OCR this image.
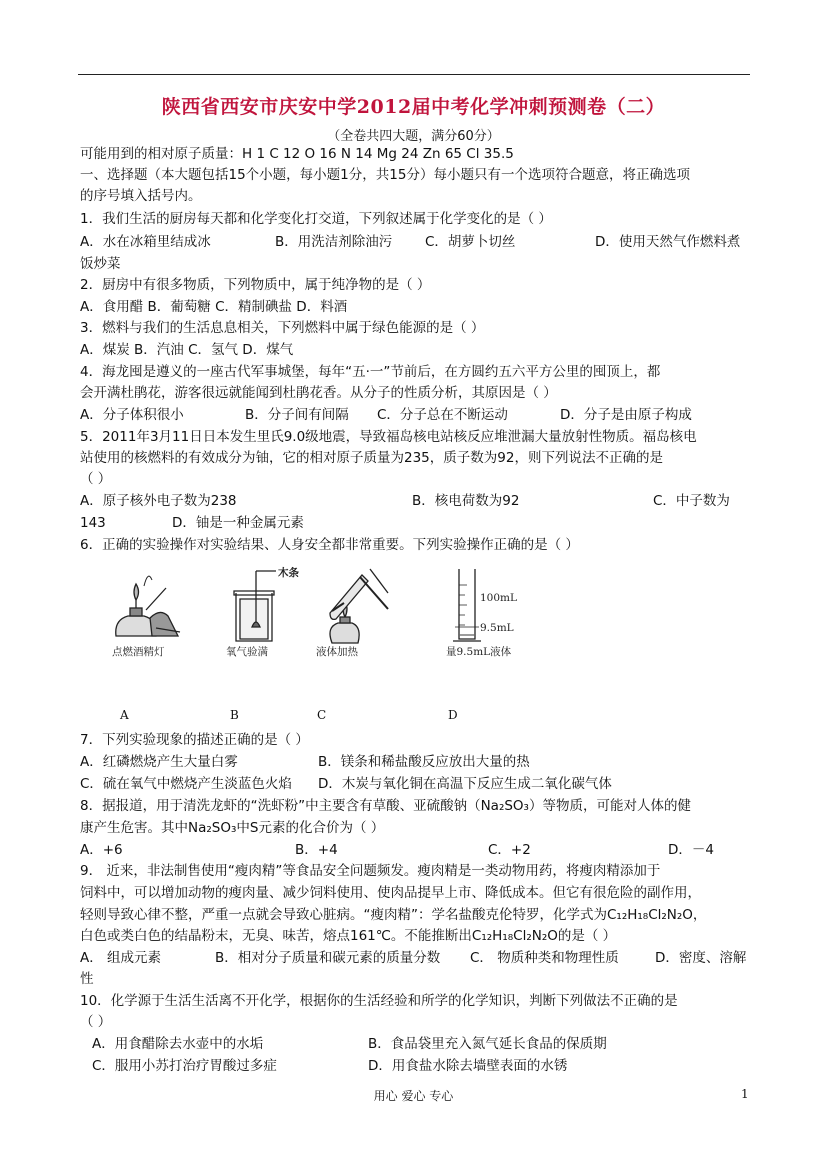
陕西省西安市庆安中学2012届中考化学冲刺预测卷（二）
（全卷共四大题，满分60分）
可能用到的相对原子质量：H 1 C 12 O 16 N 14 Mg 24 Zn 65 Cl 35.5
一、选择题（本大题包括15个小题，每小题1分，共15分）每小题只有一个选项符合题意，将正确选项
的序号填入括号内。
1．我们生活的厨房每天都和化学变化打交道，下列叙述属于化学变化的是（ ）
A．水在冰箱里结成冰	B．用洗洁剂除油污 C．胡萝卜切丝	D．使用天然气作燃料煮
饭炒菜
2．厨房中有很多物质，下列物质中，属于纯净物的是（ ）
A．食用醋 B．葡萄糖 C．精制碘盐 D．料酒
3．燃料与我们的生活息息相关，下列燃料中属于绿色能源的是（ ）
A．煤炭 B．汽油 C．氢气 D．煤气
4．海龙囤是遵义的一座古代军事城堡，每年“五·一”节前后，在方圆约五六平方公里的囤顶上，都
会开满杜鹃花，游客很远就能闻到杜鹃花香。从分子的性质分析，其原因是（ ）
A．分子体积很小	B．分子间有间隔 C．分子总在不断运动	D．分子是由原子构成
5．2011年3月11日日本发生里氏9.0级地震，导致福岛核电站核反应堆泄漏大量放射性物质。福岛核电
站使用的核燃料的有效成分为铀，它的相对原子质量为235，质子数为92，则下列说法不正确的是
（ ）
A．原子核外电子数为238	B．核电荷数为92	C．中子数为
143	D．铀是一种金属元素
6．正确的实验操作对实验结果、人身安全都非常重要。下列实验操作正确的是（ ）
点燃酒精灯
木条
氧气验满	液体加热
100mL
9.5mL
量9.5mL液体
A	B	C	D
7．下列实验现象的描述正确的是（ ）
A．红磷燃烧产生大量白雾	B．镁条和稀盐酸反应放出大量的热
C．硫在氧气中燃烧产生淡蓝色火焰 D．木炭与氧化铜在高温下反应生成二氧化碳气体
8．据报道，用于清洗龙虾的“洗虾粉”中主要含有草酸、亚硫酸钠（Na₂SO₃）等物质，可能对人体的健
康产生危害。其中Na₂SO₃中S元素的化合价为（ ）
A．+6	B．+4	C．+2	D．－4
9． 近来，非法制售使用“瘦肉精”等食品安全问题频发。瘦肉精是一类动物用药，将瘦肉精添加于
饲料中，可以增加动物的瘦肉量、减少饲料使用、使肉品提早上市、降低成本。但它有很危险的副作用，
轻则导致心律不整，严重一点就会导致心脏病。“瘦肉精”：学名盐酸克伦特罗，化学式为C₁₂H₁₈Cl₂N₂O，
白色或类白色的结晶粉末，无臭、味苦，熔点161℃。不能推断出C₁₂H₁₈Cl₂N₂O的是（ ）
A． 组成元素	B．相对分子质量和碳元素的质量分数 C． 物质种类和物理性质	D．密度、溶解
性
10．化学源于生活生活离不开化学，根据你的生活经验和所学的化学知识，判断下列做法不正确的是
（ ）
A．用食醋除去水壶中的水垢	B．食品袋里充入氮气延长食品的保质期
C．服用小苏打治疗胃酸过多症	D．用食盐水除去墙壁表面的水锈
用心 爱心 专心	1
